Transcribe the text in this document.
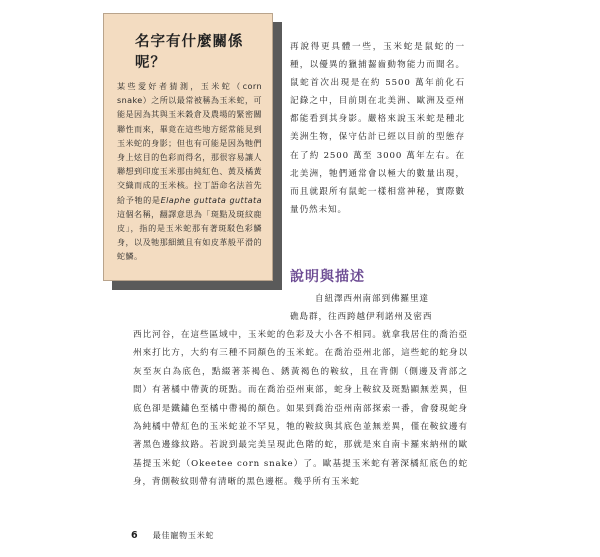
名字有什麼關係呢？

某些愛好者猜測，玉米蛇（corn snake）之所以最常被稱為玉米蛇，可能是因為其與玉米穀倉及農場的緊密關聯性而來，畢竟在這些地方經常能見到玉米蛇的身影；但也有可能是因為牠們身上炫目的色彩而得名，那很容易讓人聯想到印度玉米那由純紅色、黃及橘黃交織而成的玉米核。拉丁語命名法首先給予牠的是Elaphe guttata guttata這個名稱，翻譯意思為「斑點及斑紋鹿皮」，指的是玉米蛇那有著斑駁色彩鱗身，以及牠那細緻且有如皮革般平滑的蛇鱗。

再說得更具體一些，玉米蛇是鼠蛇的一種，以優異的獵捕齧齒動物能力而聞名。鼠蛇首次出現是在約 5500 萬年前化石記錄之中，目前則在北美洲、歐洲及亞州都能看到其身影。嚴格來說玉米蛇是種北美洲生物，保守估計已經以目前的型態存在了約 2500 萬至 3000 萬年左右。在北美洲，牠們通常會以極大的數量出現，而且就跟所有鼠蛇一樣相當神秘，實際數量仍然未知。

說明與描述

自紐澤西州南部到佛羅里達
礁島群，往西跨越伊利諾州及密西

西比河谷，在這些區域中，玉米蛇的色彩及大小各不相同。就拿我居住的喬治亞州來打比方，大約有三種不同顏色的玉米蛇。在喬治亞州北部，這些蛇的蛇身以灰至灰白為底色，點綴著茶褐色、銹黃褐色的鞍紋，且在背側（側邊及背部之間）有著橘中帶黃的斑點。而在喬治亞州東部，蛇身上鞍紋及斑點顯無差異，但底色卻是鐵鏽色至橘中帶褐的顏色。如果到喬治亞州南部探索一番，會發現蛇身為純橘中帶紅色的玉米蛇並不罕見，牠的鞍紋與其底色並無差異，僅在鞍紋邊有著黑色邊緣紋路。若說到最完美呈現此色階的蛇，那就是來自南卡羅來納州的歐基提玉米蛇（Okeetee corn snake）了。歐基提玉米蛇有著深橘紅底色的蛇身，背側鞍紋則帶有清晰的黑色邊框。幾乎所有玉米蛇

6 最佳寵物玉米蛇
